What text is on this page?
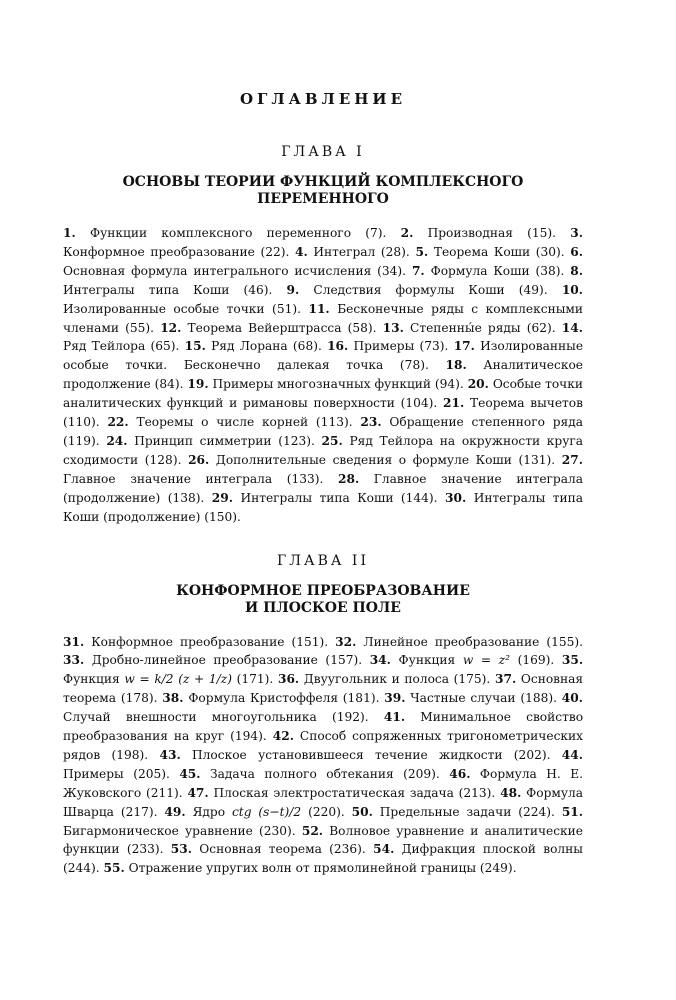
ОГЛАВЛЕНИЕ
ГЛАВА I
ОСНОВЫ ТЕОРИИ ФУНКЦИЙ КОМПЛЕКСНОГО
ПЕРЕМЕННОГО
1. Функции комплексного переменного (7). 2. Производная (15). 3. Конформное преобразование (22). 4. Интеграл (28). 5. Теорема Коши (30). 6. Основная формула интегрального исчисления (34). 7. Формула Коши (38). 8. Интегралы типа Коши (46). 9. Следствия формулы Коши (49). 10. Изолированные особые точки (51). 11. Бесконечные ряды с комплексными членами (55). 12. Теорема Вейерштрасса (58). 13. Степенны́е ряды (62). 14. Ряд Тейлора (65). 15. Ряд Лорана (68). 16. Примеры (73). 17. Изолированные особые точки. Бесконечно далекая точка (78). 18. Аналитическое продолжение (84). 19. Примеры многозначных функций (94). 20. Особые точки аналитических функций и римановы поверхности (104). 21. Теорема вычетов (110). 22. Теоремы о числе корней (113). 23. Обращение степенного ряда (119). 24. Принцип симметрии (123). 25. Ряд Тейлора на окружности круга сходимости (128). 26. Дополнительные сведения о формуле Коши (131). 27. Главное значение интеграла (133). 28. Главное значение интеграла (продолжение) (138). 29. Интегралы типа Коши (144). 30. Интегралы типа Коши (продолжение) (150).
ГЛАВА II
КОНФОРМНОЕ ПРЕОБРАЗОВАНИЕ
И ПЛОСКОЕ ПОЛЕ
31. Конформное преобразование (151). 32. Линейное преобразование (155). 33. Дробно-линейное преобразование (157). 34. Функция w = z² (169). 35. Функция w = k/2 (z + 1/z) (171). 36. Двуугольник и полоса (175). 37. Основная теорема (178). 38. Формула Кристоффеля (181). 39. Частные случаи (188). 40. Случай внешности многоугольника (192). 41. Минимальное свойство преобразования на круг (194). 42. Способ сопряженных тригонометрических рядов (198). 43. Плоское установившееся течение жидкости (202). 44. Примеры (205). 45. Задача полного обтекания (209). 46. Формула Н. Е. Жуковского (211). 47. Плоская электростатическая задача (213). 48. Формула Шварца (217). 49. Ядро ctg (s−t)/2 (220). 50. Предельные задачи (224). 51. Бигармоническое уравнение (230). 52. Волновое уравнение и аналитические функции (233). 53. Основная теорема (236). 54. Дифракция плоской волны (244). 55. Отражение упругих волн от прямолинейной границы (249).
